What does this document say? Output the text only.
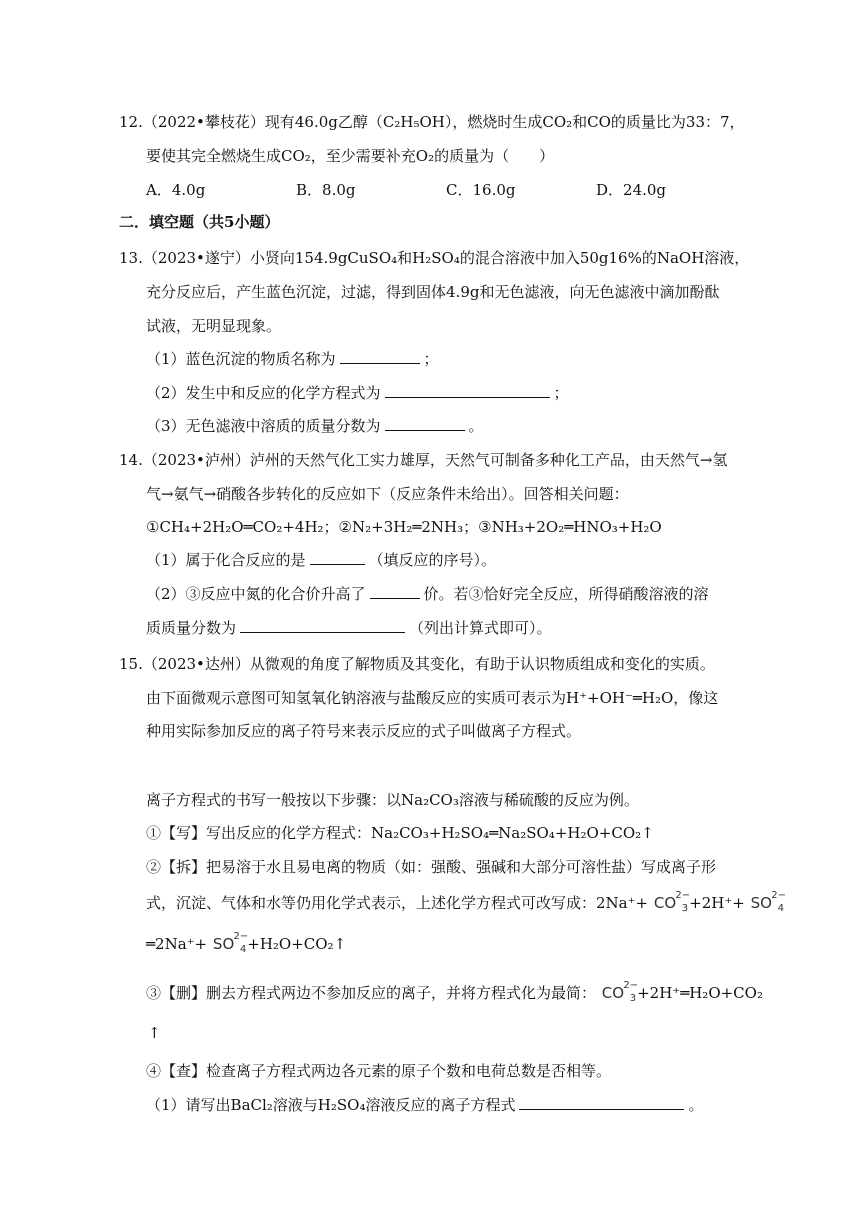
12.（2022•攀枝花）现有46.0g乙醇（C₂H₅OH），燃烧时生成CO₂和CO的质量比为33：7，
要使其完全燃烧生成CO₂，至少需要补充O₂的质量为（　　）
A．4.0g	B．8.0g	C．16.0g	D．24.0g
二．填空题（共5小题）
13.（2023•遂宁）小贤向154.9gCuSO₄和H₂SO₄的混合溶液中加入50g16%的NaOH溶液，
充分反应后，产生蓝色沉淀，过滤，得到固体4.9g和无色滤液，向无色滤液中滴加酚酞
试液，无明显现象。
（1）蓝色沉淀的物质名称为	；
（2）发生中和反应的化学方程式为	；
（3）无色滤液中溶质的质量分数为	。
14.（2023•泸州）泸州的天然气化工实力雄厚，天然气可制备多种化工产品，由天然气→氢
气→氨气→硝酸各步转化的反应如下（反应条件未给出）。回答相关问题：
①CH₄+2H₂O═CO₂+4H₂；②N₂+3H₂═2NH₃；③NH₃+2O₂═HNO₃+H₂O
（1）属于化合反应的是	（填反应的序号）。
（2）③反应中氮的化合价升高了	价。若③恰好完全反应，所得硝酸溶液的溶
质质量分数为	（列出计算式即可）。
15.（2023•达州）从微观的角度了解物质及其变化，有助于认识物质组成和变化的实质。
由下面微观示意图可知氢氧化钠溶液与盐酸反应的实质可表示为H⁺+OH⁻═H₂O，像这
种用实际参加反应的离子符号来表示反应的式子叫做离子方程式。
离子方程式的书写一般按以下步骤：以Na₂CO₃溶液与稀硫酸的反应为例。
①【写】写出反应的化学方程式：Na₂CO₃+H₂SO₄═Na₂SO₄+H₂O+CO₂↑
②【拆】把易溶于水且易电离的物质（如：强酸、强碱和大部分可溶性盐）写成离子形
式，沉淀、气体和水等仍用化学式表示，上述化学方程式可改写成：2Na⁺+ CO 2−
3 +2H⁺+ SO 2−
4
═2Na⁺+ SO 2−
4 +H₂O+CO₂↑
③【删】删去方程式两边不参加反应的离子，并将方程式化为最简： CO 2−
3 +2H⁺═H₂O+CO₂
↑
④【查】检查离子方程式两边各元素的原子个数和电荷总数是否相等。
（1）请写出BaCl₂溶液与H₂SO₄溶液反应的离子方程式	。
